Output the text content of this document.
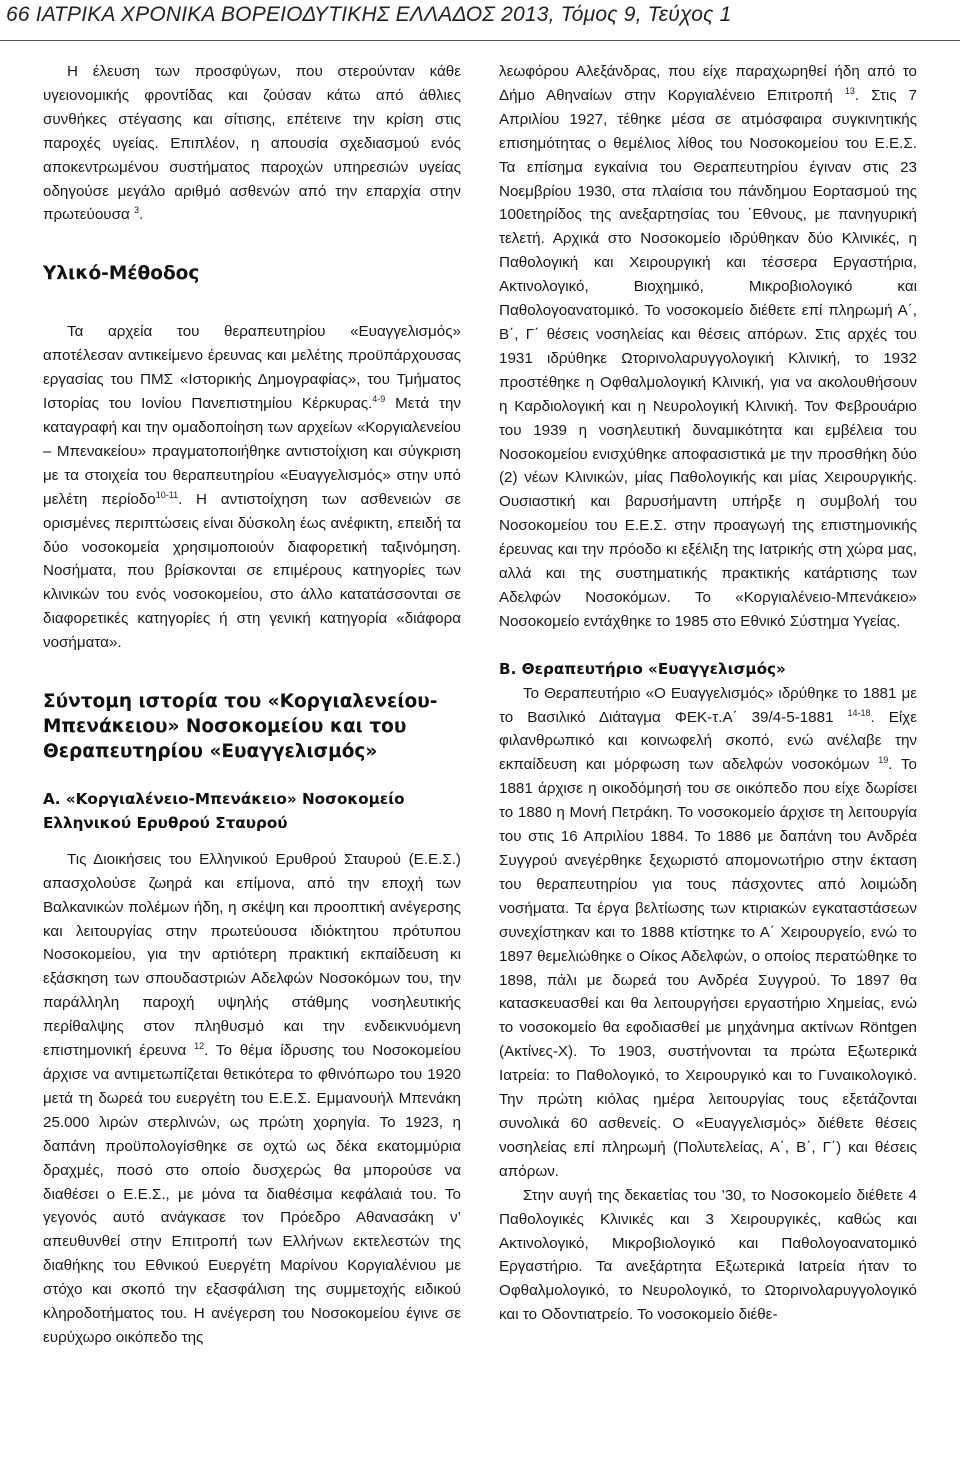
66 ΙΑΤΡΙΚΑ ΧΡΟΝΙΚΑ ΒΟΡΕΙΟΔΥΤΙΚΗΣ ΕΛΛΑΔΟΣ 2013, Τόμος 9, Τεύχος 1

Η έλευση των προσφύγων, που στερούνταν κάθε υγειονομικής φροντίδας και ζούσαν κάτω από άθλιες συνθήκες στέγασης και σίτισης, επέτεινε την κρίση στις παροχές υγείας. Επιπλέον, η απουσία σχεδιασμού ενός αποκεντρωμένου συστήματος παροχών υπηρεσιών υγείας οδηγούσε μεγάλο αριθμό ασθενών από την επαρχία στην πρωτεύουσα $^3$.

Υλικό-Μέθοδος

Τα αρχεία του θεραπευτηρίου «Ευαγγελισμός» αποτέλεσαν αντικείμενο έρευνας και μελέτης προϋπάρχουσας εργασίας του ΠΜΣ «Ιστορικής Δημογραφίας», του Τμήματος Ιστορίας του Ιονίου Πανεπιστημίου Κέρκυρας.$^{4-9}$ Μετά την καταγραφή και την ομαδοποίηση των αρχείων «Κοργιαλενείου – Μπενακείου» πραγματοποιήθηκε αντιστοίχιση και σύγκριση με τα στοιχεία του θεραπευτηρίου «Ευαγγελισμός» στην υπό μελέτη περίοδο$^{10-11}$. Η αντιστοίχηση των ασθενειών σε ορισμένες περιπτώσεις είναι δύσκολη έως ανέφικτη, επειδή τα δύο νοσοκομεία χρησιμοποιούν διαφορετική ταξινόμηση. Νοσήματα, που βρίσκονται σε επιμέρους κατηγορίες των κλινικών του ενός νοσοκομείου, στο άλλο κατατάσσονται σε διαφορετικές κατηγορίες ή στη γενική κατηγορία «διάφορα νοσήματα».

Σύντομη ιστορία του «Κοργιαλενείου-Μπενάκειου» Νοσοκομείου και του Θεραπευτηρίου «Ευαγγελισμός»
Α. «Κοργιαλένειο-Μπενάκειο» Νοσοκομείο Ελληνικού Ερυθρού Σταυρού

Τις Διοικήσεις του Ελληνικού Ερυθρού Σταυρού (Ε.Ε.Σ.) απασχολούσε ζωηρά και επίμονα, από την εποχή των Βαλκανικών πολέμων ήδη, η σκέψη και προοπτική ανέγερσης και λειτουργίας στην πρωτεύουσα ιδιόκτητου πρότυπου Νοσοκομείου, για την αρτιότερη πρακτική εκπαίδευση κι εξάσκηση των σπουδαστριών Αδελφών Νοσοκόμων του, την παράλληλη παροχή υψηλής στάθμης νοσηλευτικής περίθαλψης στον πληθυσμό και την ενδεικνυόμενη επιστημονική έρευνα $^{12}$. Το θέμα ίδρυσης του Νοσοκομείου άρχισε να αντιμετωπίζεται θετικότερα το φθινόπωρο του 1920 μετά τη δωρεά του ευεργέτη του Ε.Ε.Σ. Εμμανουήλ Μπενάκη 25.000 λιρών στερλινών, ως πρώτη χορηγία. Το 1923, η δαπάνη προϋπολογίσθηκε σε οχτώ ως δέκα εκατομμύρια δραχμές, ποσό στο οποίο δυσχερώς θα μπορούσε να διαθέσει ο Ε.Ε.Σ., με μόνα τα διαθέσιμα κεφάλαιά του. Το γεγονός αυτό ανάγκασε τον Πρόεδρο Αθανασάκη ν’ απευθυνθεί στην Επιτροπή των Ελλήνων εκτελεστών της διαθήκης του Εθνικού Ευεργέτη Μαρίνου Κοργιαλένιου με στόχο και σκοπό την εξασφάλιση της συμμετοχής ειδικού κληροδοτήματος του. Η ανέγερση του Νοσοκομείου έγινε σε ευρύχωρο οικόπεδο της

λεωφόρου Αλεξάνδρας, που είχε παραχωρηθεί ήδη από το Δήμο Αθηναίων στην Κοργιαλένειο Επιτροπή $^{13}$. Στις 7 Απριλίου 1927, τέθηκε μέσα σε ατμόσφαιρα συγκινητικής επισημότητας ο θεμέλιος λίθος του Νοσοκομείου του Ε.Ε.Σ. Τα επίσημα εγκαίνια του Θεραπευτηρίου έγιναν στις 23 Νοεμβρίου 1930, στα πλαίσια του πάνδημου Εορτασμού της 100ετηρίδος της ανεξαρτησίας του ΄Εθνους, με πανηγυρική τελετή. Αρχικά στο Νοσοκομείο ιδρύθηκαν δύο Κλινικές, η Παθολογική και Χειρουργική και τέσσερα Εργαστήρια, Ακτινολογικό, Βιοχημικό, Μικροβιολογικό και Παθολογοανατομικό. Το νοσοκομείο διέθετε επί πληρωμή Α΄, Β΄, Γ΄ θέσεις νοσηλείας και θέσεις απόρων. Στις αρχές του 1931 ιδρύθηκε Ωτορινολαρυγγολογική Κλινική, το 1932 προστέθηκε η Οφθαλμολογική Κλινική, για να ακολουθήσουν η Καρδιολογική και η Νευρολογική Κλινική. Τον Φεβρουάριο του 1939 η νοσηλευτική δυναμικότητα και εμβέλεια του Νοσοκομείου ενισχύθηκε αποφασιστικά με την προσθήκη δύο (2) νέων Κλινικών, μίας Παθολογικής και μίας Χειρουργικής. Ουσιαστική και βαρυσήμαντη υπήρξε η συμβολή του Νοσοκομείου του Ε.Ε.Σ. στην προαγωγή της επιστημονικής έρευνας και την πρόοδο κι εξέλιξη της Ιατρικής στη χώρα μας, αλλά και της συστηματικής πρακτικής κατάρτισης των Αδελφών Νοσοκόμων. Το «Κοργιαλένειο-Μπενάκειο» Νοσοκομείο εντάχθηκε το 1985 στο Εθνικό Σύστημα Υγείας.

Β. Θεραπευτήριο «Ευαγγελισμός»

Το Θεραπευτήριο «Ο Ευαγγελισμός» ιδρύθηκε το 1881 με το Βασιλικό Διάταγμα ΦΕΚ-τ.Α΄ 39/4-5-1881 $^{14-18}$. Είχε φιλανθρωπικό και κοινωφελή σκοπό, ενώ ανέλαβε την εκπαίδευση και μόρφωση των αδελφών νοσοκόμων $^{19}$. Το 1881 άρχισε η οικοδόμησή του σε οικόπεδο που είχε δωρίσει το 1880 η Μονή Πετράκη. Το νοσοκομείο άρχισε τη λειτουργία του στις 16 Απριλίου 1884. Το 1886 με δαπάνη του Ανδρέα Συγγρού ανεγέρθηκε ξεχωριστό απομονωτήριο στην έκταση του θεραπευτηρίου για τους πάσχοντες από λοιμώδη νοσήματα. Τα έργα βελτίωσης των κτιριακών εγκαταστάσεων συνεχίστηκαν και το 1888 κτίστηκε το Α΄ Χειρουργείο, ενώ το 1897 θεμελιώθηκε ο Οίκος Αδελφών, ο οποίος περατώθηκε το 1898, πάλι με δωρεά του Ανδρέα Συγγρού. Το 1897 θα κατασκευασθεί και θα λειτουργήσει εργαστήριο Χημείας, ενώ το νοσοκομείο θα εφοδιασθεί με μηχάνημα ακτίνων Röntgen (Ακτίνες-Χ). Το 1903, συστήνονται τα πρώτα Εξωτερικά Ιατρεία: το Παθολογικό, το Χειρουργικό και το Γυναικολογικό. Την πρώτη κιόλας ημέρα λειτουργίας τους εξετάζονται συνολικά 60 ασθενείς. Ο «Ευαγγελισμός» διέθετε θέσεις νοσηλείας επί πληρωμή (Πολυτελείας, Α΄, Β΄, Γ΄) και θέσεις απόρων.

Στην αυγή της δεκαετίας του ’30, το Νοσοκομείο διέθετε 4 Παθολογικές Κλινικές και 3 Χειρουργικές, καθώς και Ακτινολογικό, Μικροβιολογικό και Παθολογοανατομικό Εργαστήριο. Τα ανεξάρτητα Εξωτερικά Ιατρεία ήταν το Οφθαλμολογικό, το Νευρολογικό, το Ωτορινολαρυγγολογικό και το Οδοντιατρείο. Το νοσοκομείο διέθε-
